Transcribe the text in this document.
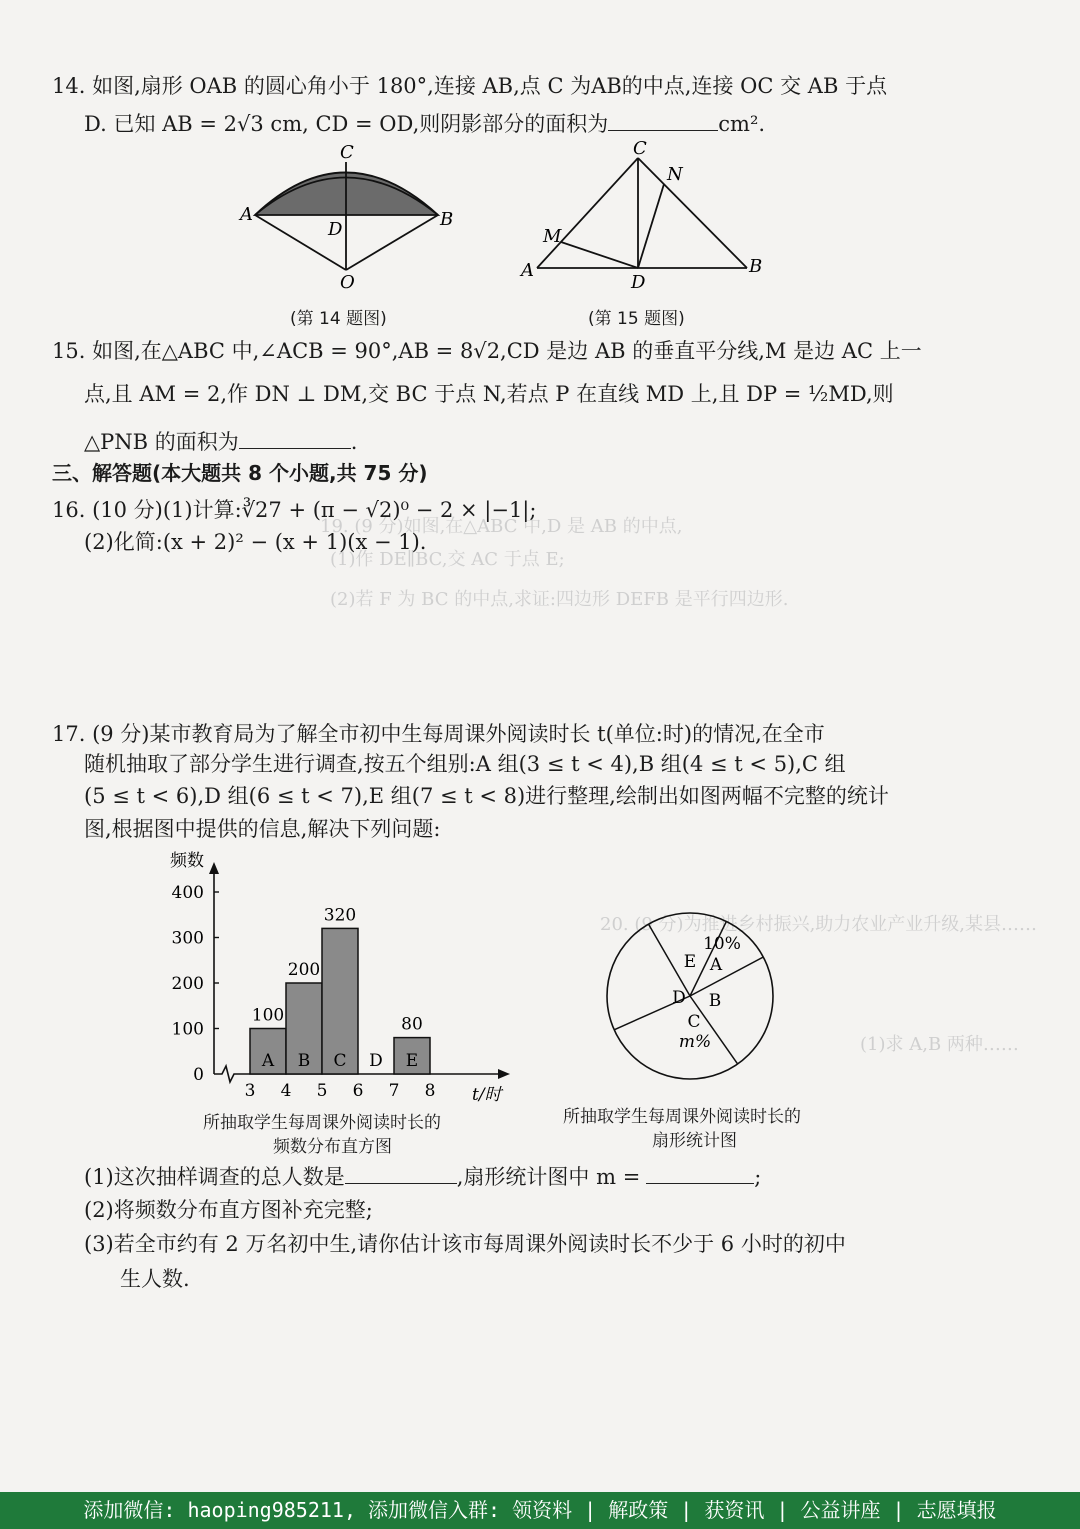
19. (9 分)如图,在△ABC 中,D 是 AB 的中点,
(1)作 DE∥BC,交 AC 于点 E;
(2)若 F 为 BC 的中点,求证:四边形 DEFB 是平行四边形.
20. (9 分)为推进乡村振兴,助力农业产业升级,某县……
(1)求 A,B 两种……
14. 如图,扇形 OAB 的圆心角小于 180°,连接 AB,点 C 为AB的中点,连接 OC 交 AB 于点
D. 已知 AB = 2√3 cm, CD = OD,则阴影部分的面积为	cm².
C
A	B
D
O
C
N
M
A
D
B
(第 14 题图)	(第 15 题图)
15. 如图,在△ABC 中,∠ACB = 90°,AB = 8√2,CD 是边 AB 的垂直平分线,M 是边 AC 上一
点,且 AM = 2,作 DN ⊥ DM,交 BC 于点 N,若点 P 在直线 MD 上,且 DP = ½MD,则
△PNB 的面积为	.
三、解答题(本大题共 8 个小题,共 75 分)
16. (10 分)(1)计算:∛27 + (π − √2)⁰ − 2 × |−1|;
(2)化简:(x + 2)² − (x + 1)(x − 1).
17. (9 分)某市教育局为了解全市初中生每周课外阅读时长 t(单位:时)的情况,在全市
随机抽取了部分学生进行调查,按五个组别:A 组(3 ≤ t < 4),B 组(4 ≤ t < 5),C 组
(5 ≤ t < 6),D 组(6 ≤ t < 7),E 组(7 ≤ t < 8)进行整理,绘制出如图两幅不完整的统计
图,根据图中提供的信息,解决下列问题:
频数
t/时
0
100
200
300
400
3 4 5 6 7 8
100
A
200
B
320
C D
80
E
所抽取学生每周课外阅读时长的
频数分布直方图
A
B
C
D
E
10%
m%
所抽取学生每周课外阅读时长的
扇形统计图
(1)这次抽样调查的总人数是	,扇形统计图中 m =	;
(2)将频数分布直方图补充完整;
(3)若全市约有 2 万名初中生,请你估计该市每周课外阅读时长不少于 6 小时的初中
生人数.
添加微信: haoping985211, 添加微信入群: 领资料 | 解政策 | 获资讯 | 公益讲座 | 志愿填报
